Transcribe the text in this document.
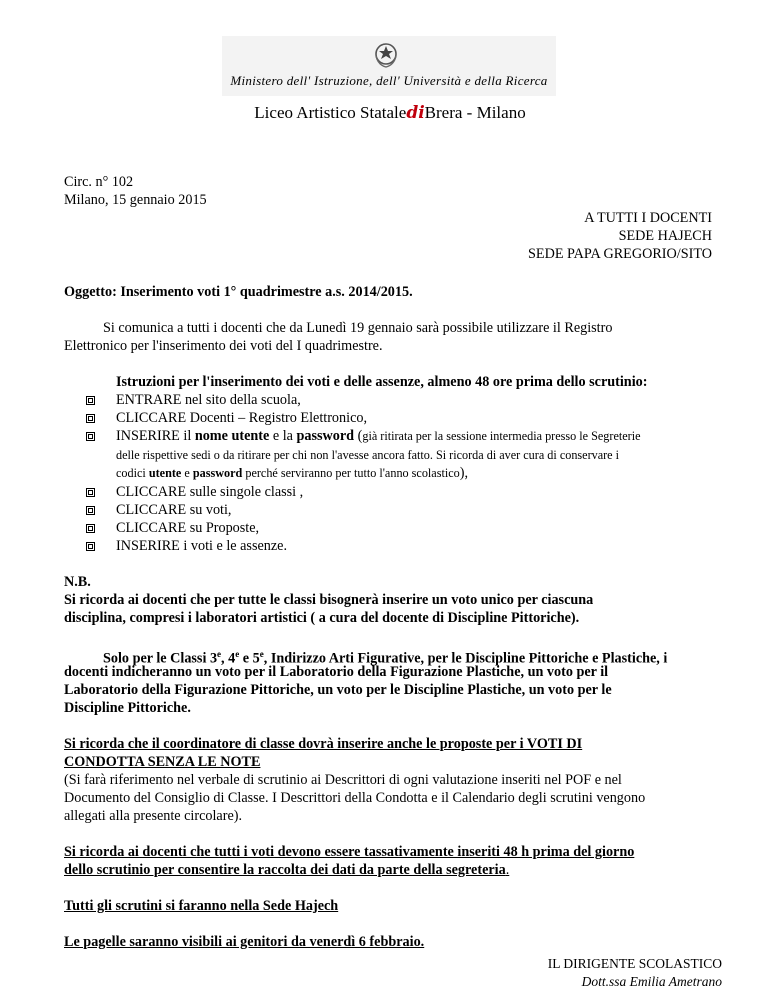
Ministero dell' Istruzione, dell' Università e della Ricerca
Liceo Artistico StatalediBrera - Milano
Circ. n° 102
Milano, 15 gennaio 2015
A TUTTI I DOCENTI
SEDE HAJECH
SEDE PAPA GREGORIO/SITO
Oggetto: Inserimento voti 1° quadrimestre a.s. 2014/2015.
Si comunica a tutti i docenti che da Lunedì 19 gennaio sarà possibile utilizzare il Registro
Elettronico per l'inserimento dei voti del I quadrimestre.
Istruzioni per l'inserimento dei voti e delle assenze, almeno 48 ore prima dello scrutinio:
ENTRARE nel sito della scuola,
CLICCARE Docenti – Registro Elettronico,
INSERIRE il nome utente e la password (già ritirata per la sessione intermedia presso le Segreterie
delle rispettive sedi o da ritirare per chi non l'avesse ancora fatto. Si ricorda di aver cura di conservare i
codici utente e password perché serviranno per tutto l'anno scolastico),
CLICCARE sulle singole classi ,
CLICCARE su voti,
CLICCARE su Proposte,
INSERIRE i voti e le assenze.
N.B.
Si ricorda ai docenti che per tutte le classi bisognerà inserire un voto unico per ciascuna
disciplina, compresi i laboratori artistici ( a cura del docente di Discipline Pittoriche).
Solo per le Classi 3e, 4e e 5e, Indirizzo Arti Figurative, per le Discipline Pittoriche e Plastiche, i
docenti indicheranno un voto per il Laboratorio della Figurazione Plastiche, un voto per il
Laboratorio della Figurazione Pittoriche, un voto per le Discipline Plastiche, un voto per le
Discipline Pittoriche.
Si ricorda che il coordinatore di classe dovrà inserire anche le proposte per i VOTI DI
CONDOTTA SENZA LE NOTE
(Si farà riferimento nel verbale di scrutinio ai Descrittori di ogni valutazione inseriti nel POF e nel
Documento del Consiglio di Classe. I Descrittori della Condotta e il Calendario degli scrutini vengono
allegati alla presente circolare).
Si ricorda ai docenti che tutti i voti devono essere tassativamente inseriti 48 h prima del giorno
dello scrutinio per consentire la raccolta dei dati da parte della segreteria.
Tutti gli scrutini si faranno nella Sede Hajech
Le pagelle saranno visibili ai genitori da venerdì 6 febbraio.
IL DIRIGENTE SCOLASTICO
Dott.ssa Emilia Ametrano
